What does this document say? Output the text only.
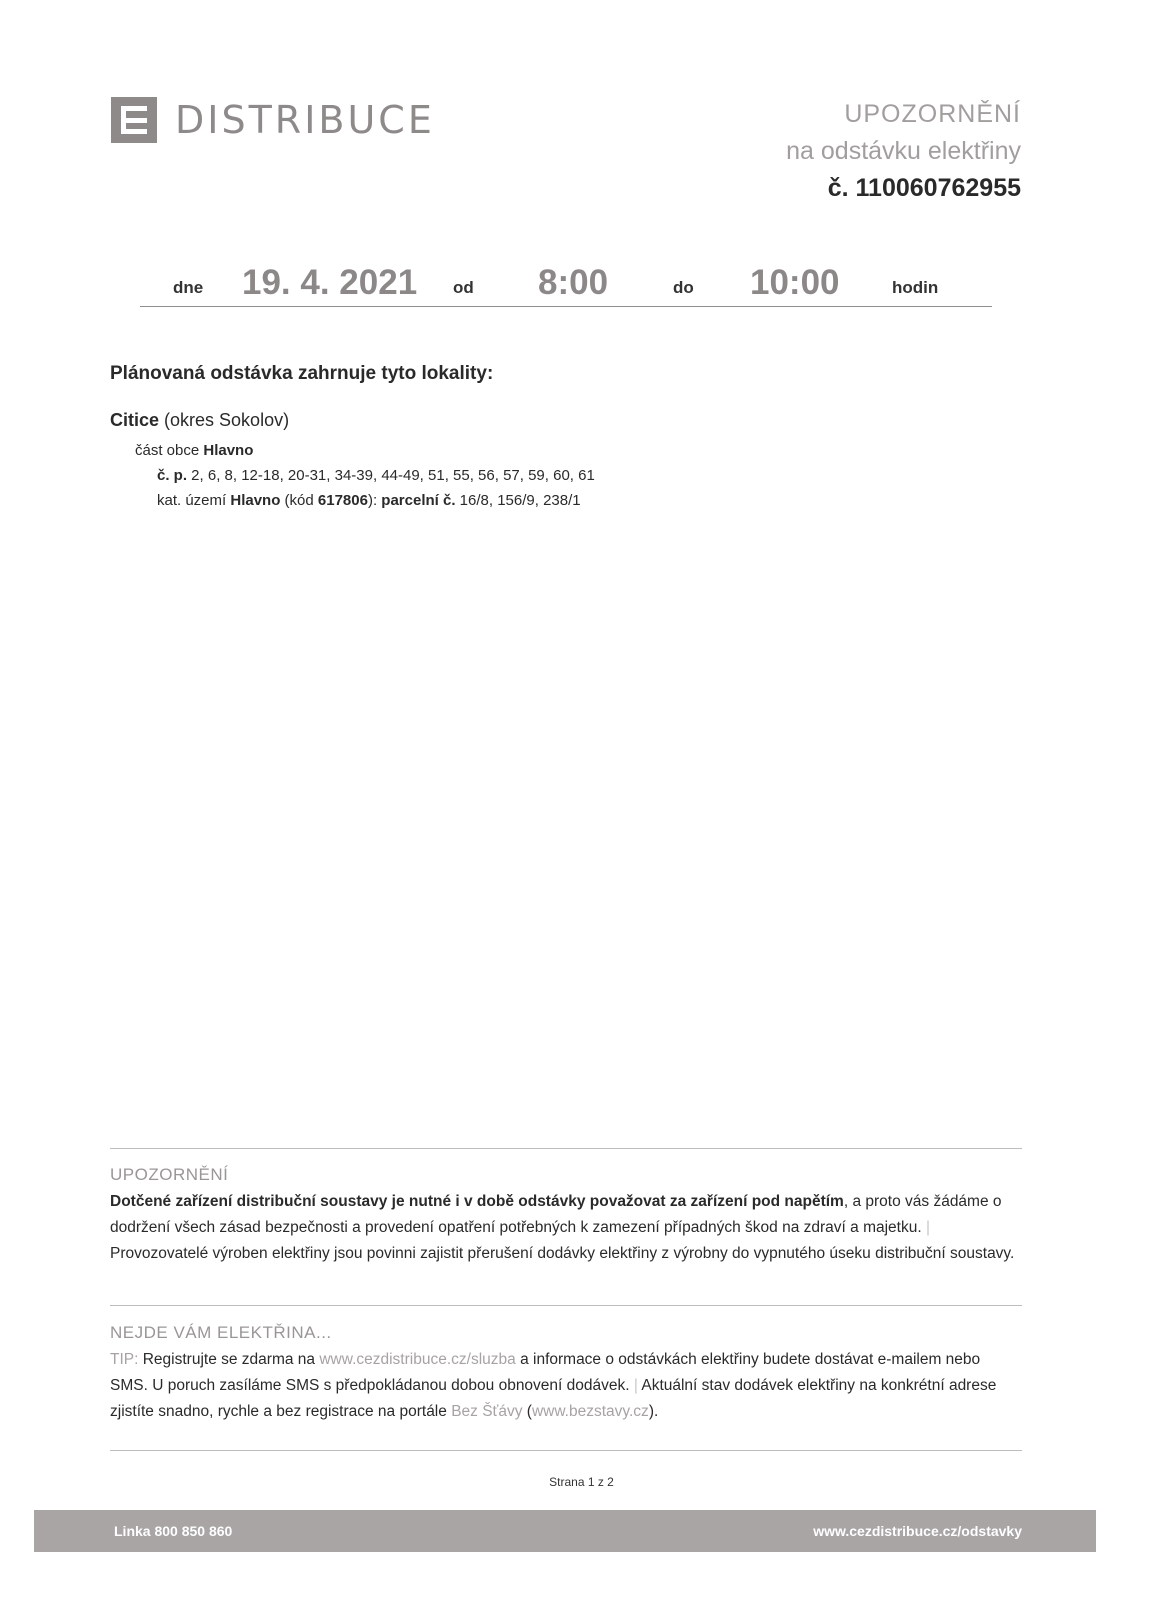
DISTRIBUCE	UPOZORNĚNÍ
na odstávku elektřiny
č. 110060762955
dne 19. 4. 2021 od 8:00	do 10:00	hodin
Plánovaná odstávka zahrnuje tyto lokality:
Citice (okres Sokolov)
část obce Hlavno
č. p. 2, 6, 8, 12-18, 20-31, 34-39, 44-49, 51, 55, 56, 57, 59, 60, 61
kat. území Hlavno (kód 617806): parcelní č. 16/8, 156/9, 238/1
UPOZORNĚNÍ
Dotčené zařízení distribuční soustavy je nutné i v době odstávky považovat za zařízení pod napětím, a proto vás žádáme o dodržení všech zásad bezpečnosti a provedení opatření potřebných k zamezení případných škod na zdraví a majetku. | Provozovatelé výroben elektřiny jsou povinni zajistit přerušení dodávky elektřiny z výrobny do vypnutého úseku distribuční soustavy.
NEJDE VÁM ELEKTŘINA...
TIP: Registrujte se zdarma na www.cezdistribuce.cz/sluzba a informace o odstávkách elektřiny budete dostávat e-mailem nebo SMS. U poruch zasíláme SMS s předpokládanou dobou obnovení dodávek. | Aktuální stav dodávek elektřiny na konkrétní adrese zjistíte snadno, rychle a bez registrace na portále Bez Šťávy (www.bezstavy.cz).
Strana 1 z 2
Linka 800 850 860	www.cezdistribuce.cz/odstavky
